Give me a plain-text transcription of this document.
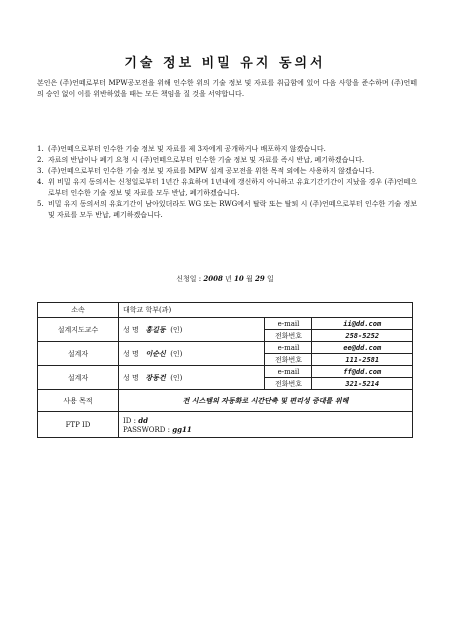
기술 정보 비밀 유지 동의서
본인은 (주)언떼로부터 MPW공모전을 위해 인수한 위의 기술 정보 및 자료를 취급함에 있어 다음 사항을 준수하며 (주)언떼의 승인 없이 이를 위반하였을 때는 모든 책임을 질 것을 서약합니다.
1. (주)언떼으로부터 인수한 기술 정보 및 자료를 제 3자에게 공개하거나 배포하지 않겠습니다.
2. 자료의 반납이나 폐기 요청 시 (주)언떼으로부터 인수한 기술 정보 및 자료를 즉시 반납, 폐기하겠습니다.
3. (주)언떼으로부터 인수한 기술 정보 및 자료를 MPW 설계 공모전을 위한 목적 외에는 사용하지 않겠습니다.
4. 위 비밀 유지 동의서는 신청일로부터 1년간 유효하며 1년내에 갱신하지 아니하고 유효기간기간이 지났을 경우 (주)언떼으로부터 인수한 기술 정보 및 자료를 모두 반납, 폐기하겠습니다.
5. 비밀 유지 동의서의 유효기간이 남아있더라도 WG 또는 RWG에서 탈락 또는 탈퇴 시 (주)언떼으로부터 인수한 기술 정보 및 자료를 모두 반납, 폐기하겠습니다.
신청일 : 2008 년 10 월 29 일
소속	대학교 학부(과)		
설계지도교수	성 명 홍길동 (인)	e-mail	ii@dd.com
		전화번호	258-5252
설계자	성 명 이순신 (인)	e-mail	ee@dd.com
		전화번호	111-2581
설계자	성 명 장동건 (인)	e-mail	ff@dd.com
		전화번호	321-5214
사용 목적	전 시스템의 자동화로 시간단축 및 편리성 증대를 위해		
FTP ID	ID : dd
PASSWORD : gg11		
